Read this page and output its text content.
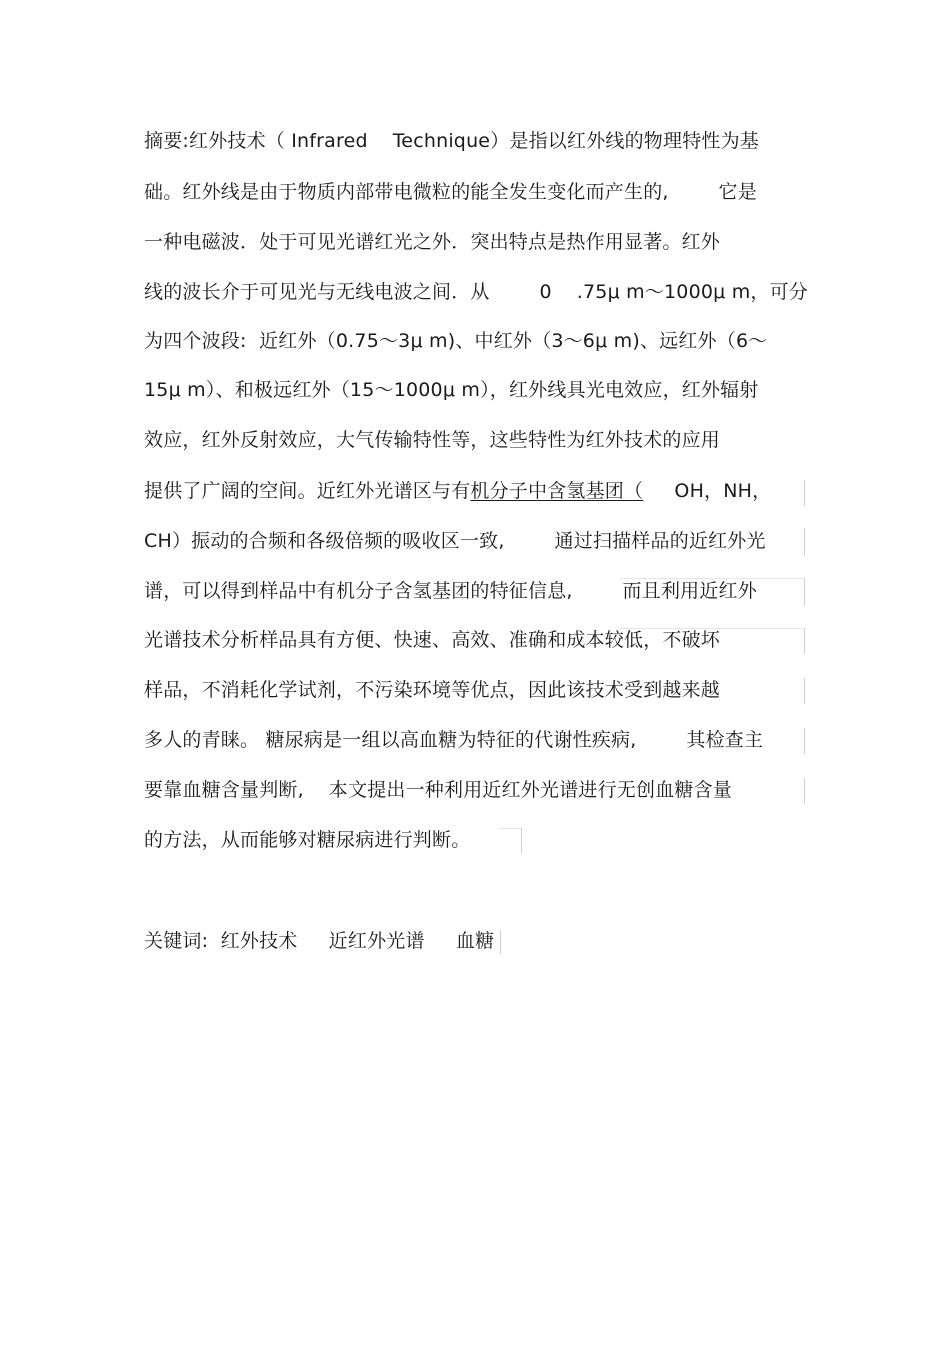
摘要:红外技术（ Infrared    Technique）是指以红外线的物理特性为基
础。红外线是由于物质内部带电微粒的能全发生变化而产生的,        它是
一种电磁波．处于可见光谱红光之外．突出特点是热作用显著。红外
线的波长介于可见光与无线电波之间．从        0    .75μ m～1000μ m，可分
为四个波段:  近红外（0.75～3μ m)、中红外（3～6μ m)、远红外（6～
15μ m）、和极远红外（15～1000μ m），红外线具光电效应，红外辐射
效应，红外反射效应，大气传输特性等，这些特性为红外技术的应用
提供了广阔的空间。近红外光谱区与有机分子中含氢基团（     OH，NH，
CH）振动的合频和各级倍频的吸收区一致,        通过扫描样品的近红外光
谱，可以得到样品中有机分子含氢基团的特征信息,        而且利用近红外
光谱技术分析样品具有方便、快速、高效、准确和成本较低，不破坏
样品，不消耗化学试剂，不污染环境等优点，因此该技术受到越来越
多人的青睐。 糖尿病是一组以高血糖为特征的代谢性疾病,        其检查主
要靠血糖含量判断,    本文提出一种利用近红外光谱进行无创血糖含量
的方法，从而能够对糖尿病进行判断。
关键词:  红外技术     近红外光谱     血糖
